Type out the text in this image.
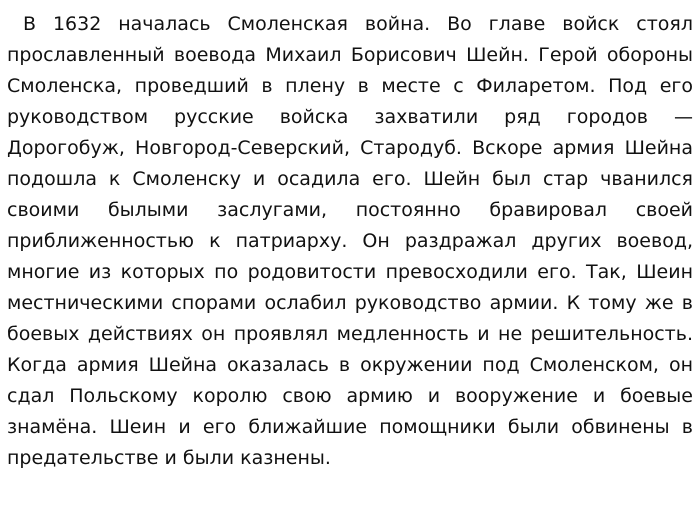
В 1632 началась Смоленская война. Во главе войск стоял прославленный воевода Михаил Борисович Шейн. Герой обороны Смоленска, проведший в плену в месте с Филаретом. Под его руководством русские войска захватили ряд городов — Дорогобуж, Новгород-Северский, Стародуб. Вскоре армия Шейна подошла к Смоленску и осадила его. Шейн был стар чванился своими былыми заслугами, постоянно бравировал своей приближенностью к патриарху. Он раздражал других воевод, многие из которых по родовитости превосходили его. Так, Шеин местническими спорами ослабил руководство армии. К тому же в боевых действиях он проявлял медленность и не решительность. Когда армия Шейна оказалась в окружении под Смоленском, он сдал Польскому королю свою армию и вооружение и боевые знамёна. Шеин и его ближайшие помощники были обвинены в предательстве и были казнены.
